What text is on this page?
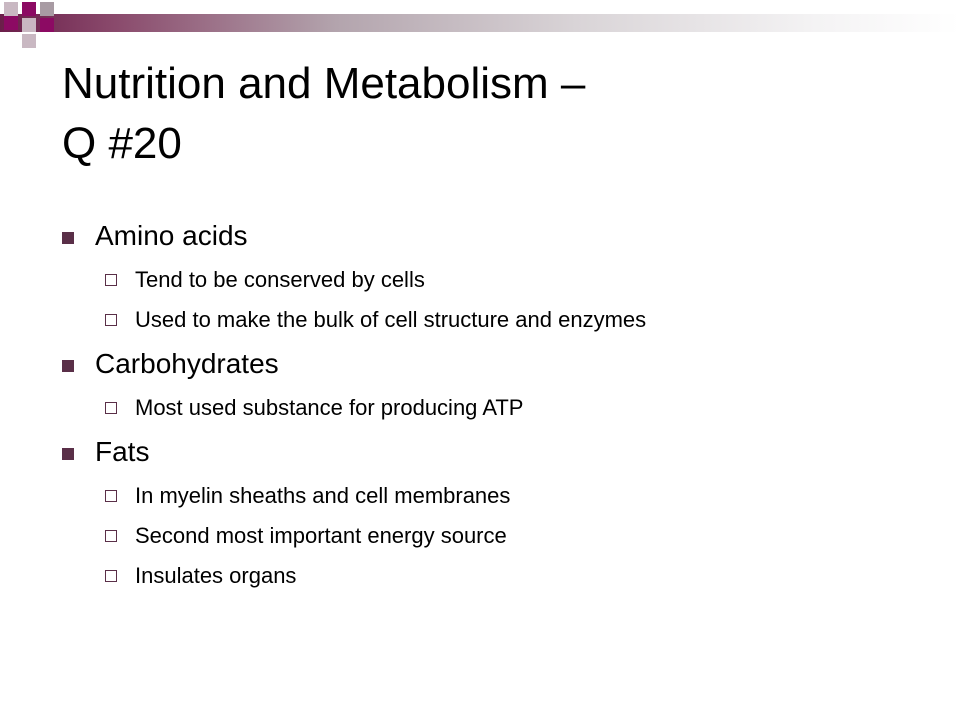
Nutrition and Metabolism –
Q #20
Amino acids
Tend to be conserved by cells
Used to make the bulk of cell structure and enzymes
Carbohydrates
Most used substance for producing ATP
Fats
In myelin sheaths and cell membranes
Second most important energy source
Insulates organs
